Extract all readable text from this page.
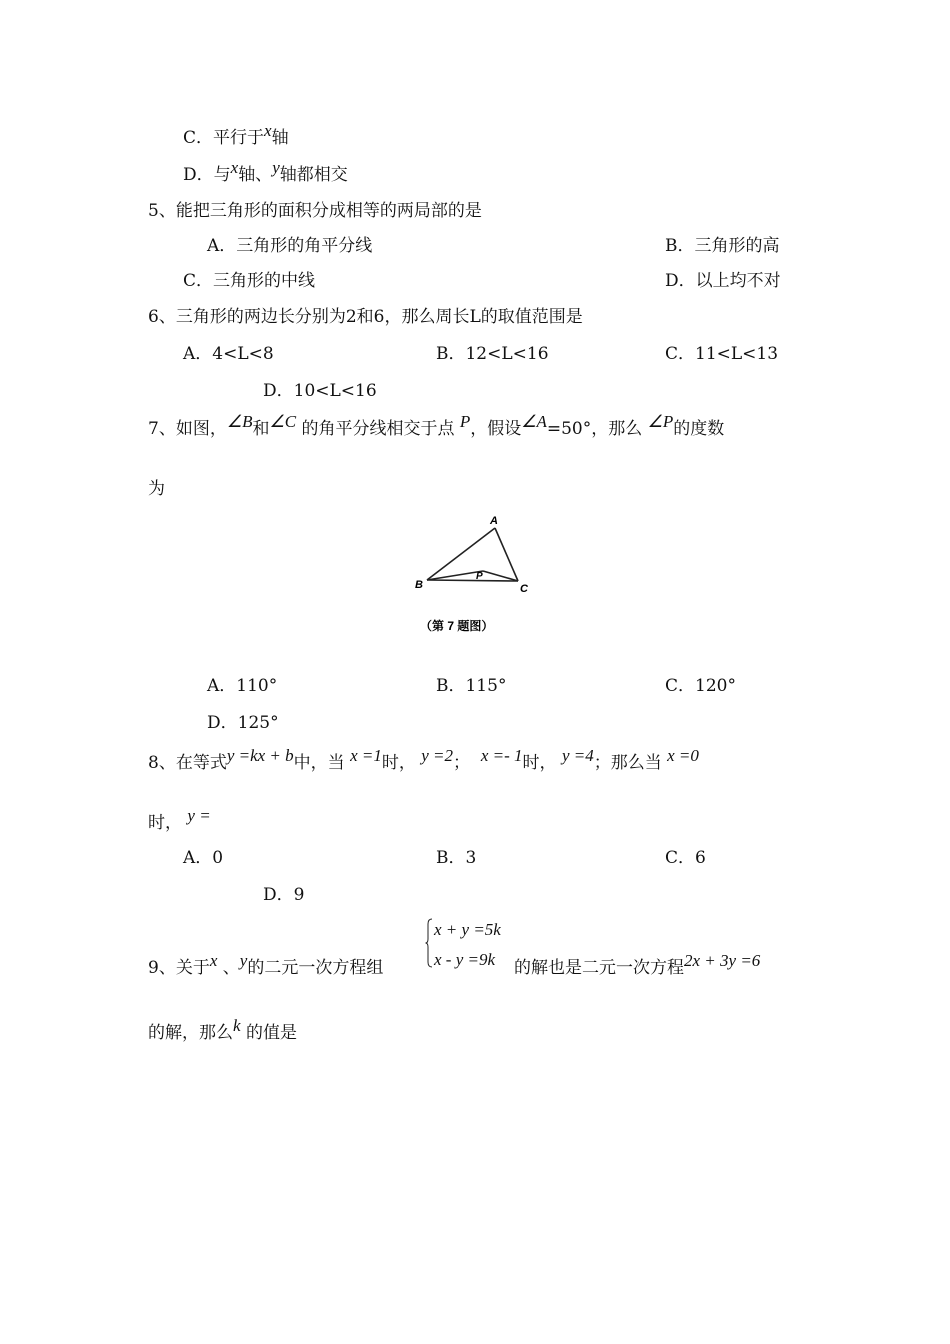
C．平行于x轴
D．与x轴、y轴都相交
5、能把三角形的面积分成相等的两局部的是
A．三角形的角平分线	B．三角形的高
C．三角形的中线	D．以上均不对
6、三角形的两边长分别为2和6，那么周长L的取值范围是
A．4<L<8	B．12<L<16	C．11<L<13
D．10<L<16
7、如图，∠B和∠C 的角平分线相交于点 P，假设∠A=50°，那么 ∠P的度数
为
A
B	C
P
（第 7 题图）
A．110°	B．115°	C．120°
D．125°
8、在等式y =kx + b中，当 x =1时， y =2； x =- 1时， y =4；那么当 x =0
时， y =
A．0	B．3	C．6
D．9
9、关于x 、y的二元一次方程组
x + y =5k
x - y =9k 的解也是二元一次方程2x + 3y =6
的解，那么k 的值是
